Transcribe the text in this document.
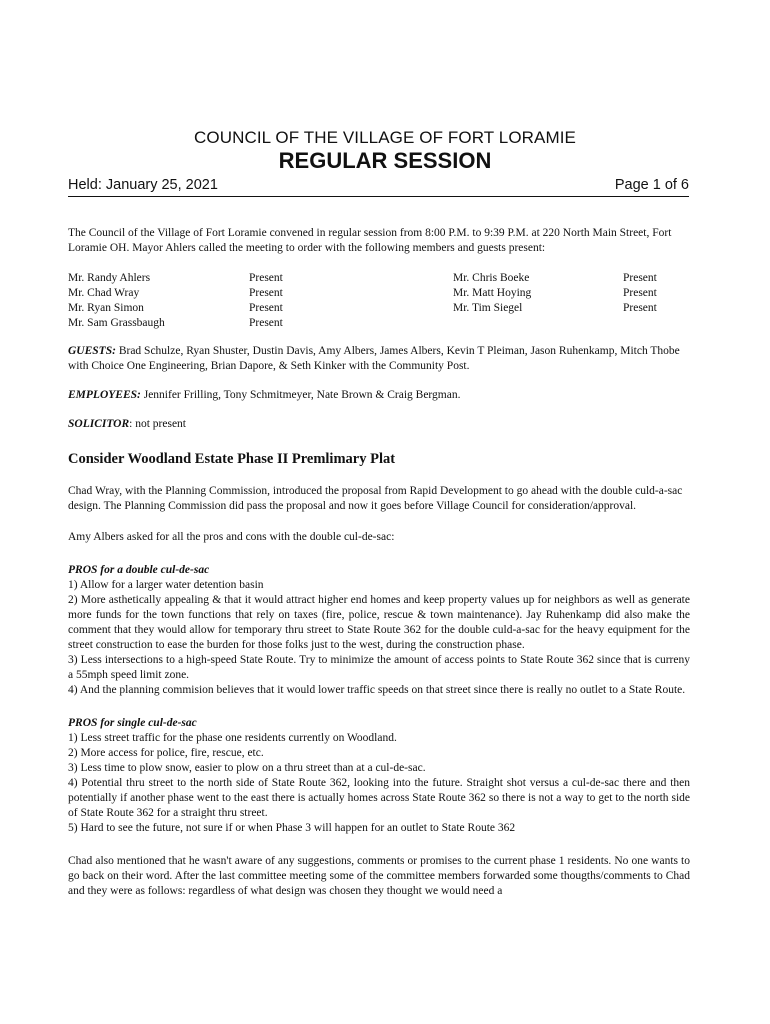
COUNCIL OF THE VILLAGE OF FORT LORAMIE
REGULAR SESSION
Held: January 25, 2021	Page 1 of 6

The Council of the Village of Fort Loramie convened in regular session from 8:00 P.M. to 9:39 P.M. at 220 North Main Street, Fort Loramie OH. Mayor Ahlers called the meeting to order with the following members and guests present:

Mr. Randy Ahlers
Mr. Chad Wray
Mr. Ryan Simon
Mr. Sam Grassbaugh
Present
Present
Present
Present
Mr. Chris Boeke
Mr. Matt Hoying
Mr. Tim Siegel
Present
Present
Present

GUESTS: Brad Schulze, Ryan Shuster, Dustin Davis, Amy Albers, James Albers, Kevin T Pleiman, Jason Ruhenkamp, Mitch Thobe with Choice One Engineering, Brian Dapore, & Seth Kinker with the Community Post.

EMPLOYEES: Jennifer Frilling, Tony Schmitmeyer, Nate Brown & Craig Bergman.

SOLICITOR: not present

Consider Woodland Estate Phase II Premlimary Plat

Chad Wray, with the Planning Commission, introduced the proposal from Rapid Development to go ahead with the double culd-a-sac design. The Planning Commission did pass the proposal and now it goes before Village Council for consideration/approval.

Amy Albers asked for all the pros and cons with the double cul-de-sac:

PROS for a double cul-de-sac
1) Allow for a larger water detention basin
2) More asthetically appealing & that it would attract higher end homes and keep property values up for neighbors as well as generate more funds for the town functions that rely on taxes (fire, police, rescue & town maintenance). Jay Ruhenkamp did also make the comment that they would allow for temporary thru street to State Route 362 for the double culd-a-sac for the heavy equipment for the street construction to ease the burden for those folks just to the west, during the construction phase.
3) Less intersections to a high-speed State Route. Try to minimize the amount of access points to State Route 362 since that is curreny a 55mph speed limit zone.
4) And the planning commision believes that it would lower traffic speeds on that street since there is really no outlet to a State Route.
PROS for single cul-de-sac
1) Less street traffic for the phase one residents currently on Woodland.
2) More access for police, fire, rescue, etc.
3) Less time to plow snow, easier to plow on a thru street than at a cul-de-sac.
4) Potential thru street to the north side of State Route 362, looking into the future. Straight shot versus a cul-de-sac there and then potentially if another phase went to the east there is actually homes across State Route 362 so there is not a way to get to the north side of State Route 362 for a straight thru street.
5) Hard to see the future, not sure if or when Phase 3 will happen for an outlet to State Route 362

Chad also mentioned that he wasn't aware of any suggestions, comments or promises to the current phase 1 residents. No one wants to go back on their word. After the last committee meeting some of the committee members forwarded some thougths/comments to Chad and they were as follows: regardless of what design was chosen they thought we would need a
